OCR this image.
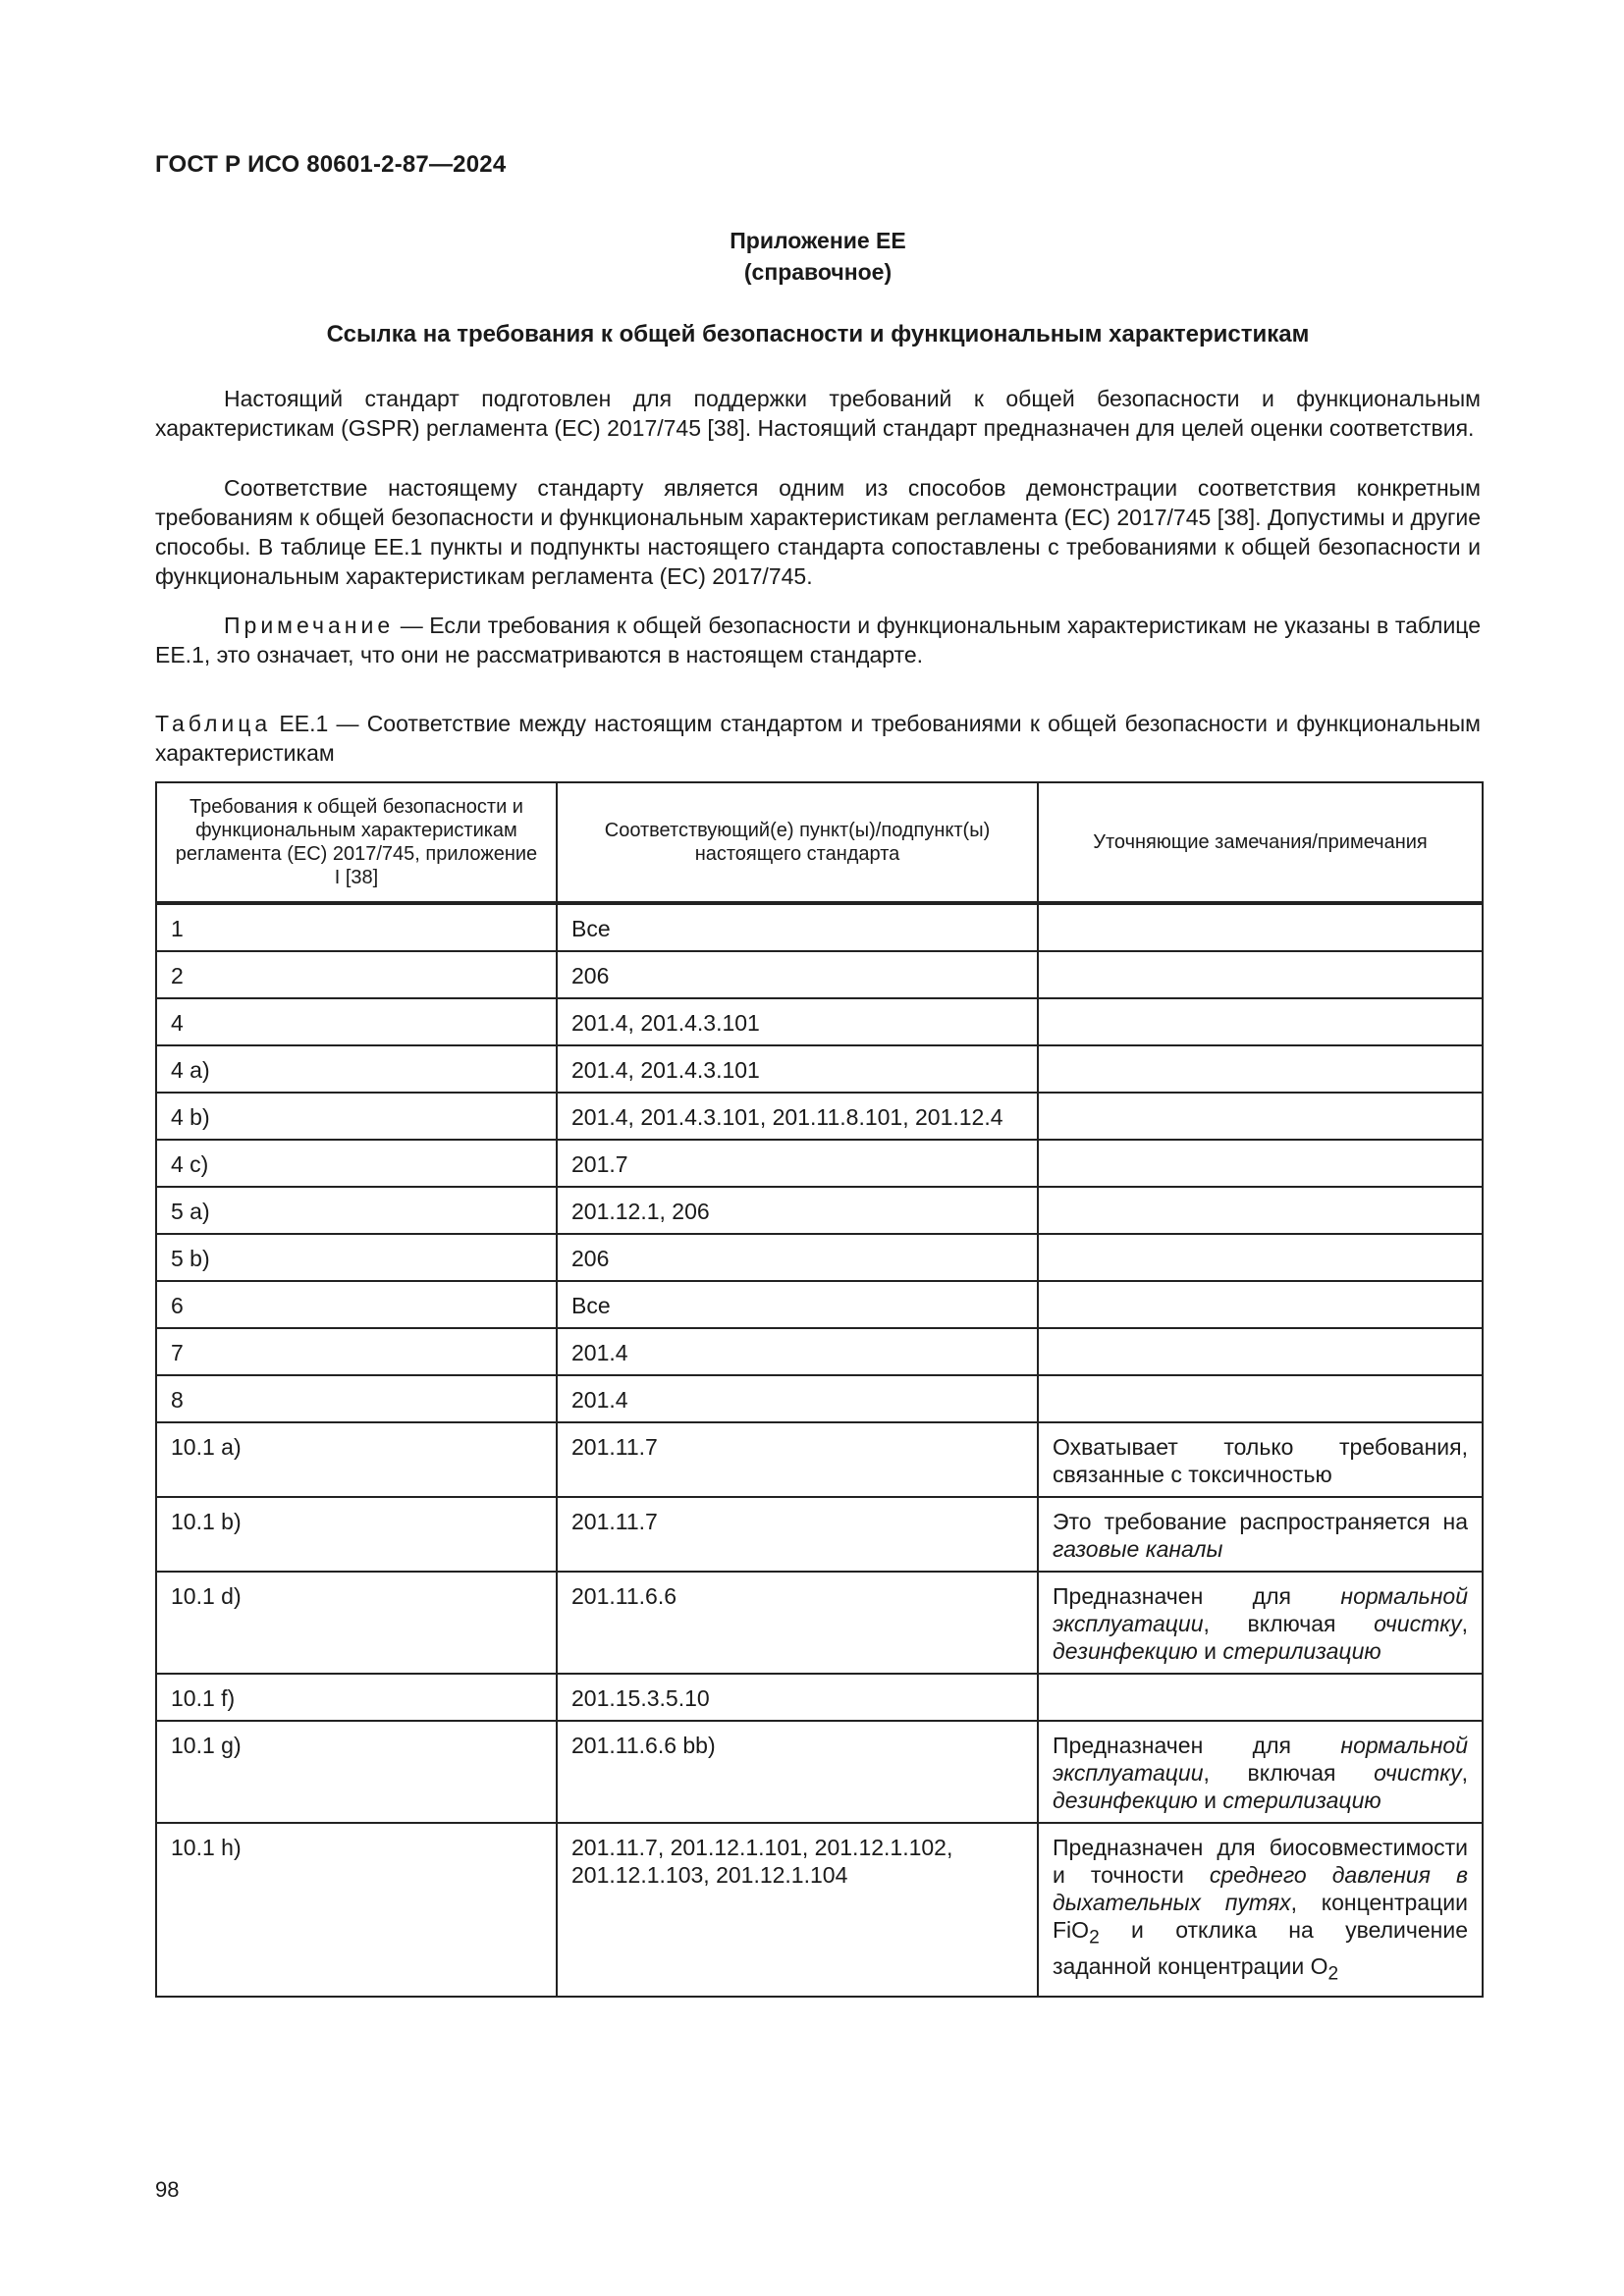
ГОСТ Р ИСО 80601-2-87—2024
Приложение ЕЕ
(справочное)
Ссылка на требования к общей безопасности и функциональным характеристикам
Настоящий стандарт подготовлен для поддержки требований к общей безопасности и функциональным характеристикам (GSPR) регламента (ЕС) 2017/745 [38]. Настоящий стандарт предназначен для целей оценки соответствия.
Соответствие настоящему стандарту является одним из способов демонстрации соответствия конкретным требованиям к общей безопасности и функциональным характеристикам регламента (ЕС) 2017/745 [38]. Допустимы и другие способы. В таблице ЕЕ.1 пункты и подпункты настоящего стандарта сопоставлены с требованиями к общей безопасности и функциональным характеристикам регламента (ЕС) 2017/745.
Примечание — Если требования к общей безопасности и функциональным характеристикам не указаны в таблице ЕЕ.1, это означает, что они не рассматриваются в настоящем стандарте.
Таблица ЕЕ.1 — Соответствие между настоящим стандартом и требованиями к общей безопасности и функциональным характеристикам
Требования к общей безопасности и функциональным характеристикам регламента (ЕС) 2017/745, приложение I [38]	Соответствующий(е) пункт(ы)/подпункт(ы) настоящего стандарта	Уточняющие замечания/примечания
1	Все	
2	206	
4	201.4, 201.4.3.101	
4 a)	201.4, 201.4.3.101	
4 b)	201.4, 201.4.3.101, 201.11.8.101, 201.12.4	
4 c)	201.7	
5 a)	201.12.1, 206	
5 b)	206	
6	Все	
7	201.4	
8	201.4	
10.1 a)	201.11.7	Охватывает только требования, связанные с токсичностью
10.1 b)	201.11.7	Это требование распространяется на газовые каналы
10.1 d)	201.11.6.6	Предназначен для нормальной эксплуатации, включая очистку, дезинфекцию и стерилизацию
10.1 f)	201.15.3.5.10	
10.1 g)	201.11.6.6 bb)	Предназначен для нормальной эксплуатации, включая очистку, дезинфекцию и стерилизацию
10.1 h)	201.11.7, 201.12.1.101, 201.12.1.102, 201.12.1.103, 201.12.1.104	Предназначен для биосовместимости и точности среднего давления в дыхательных путях, концентрации FiO$_2$ и отклика на увеличение заданной концентрации $O_2$
98
